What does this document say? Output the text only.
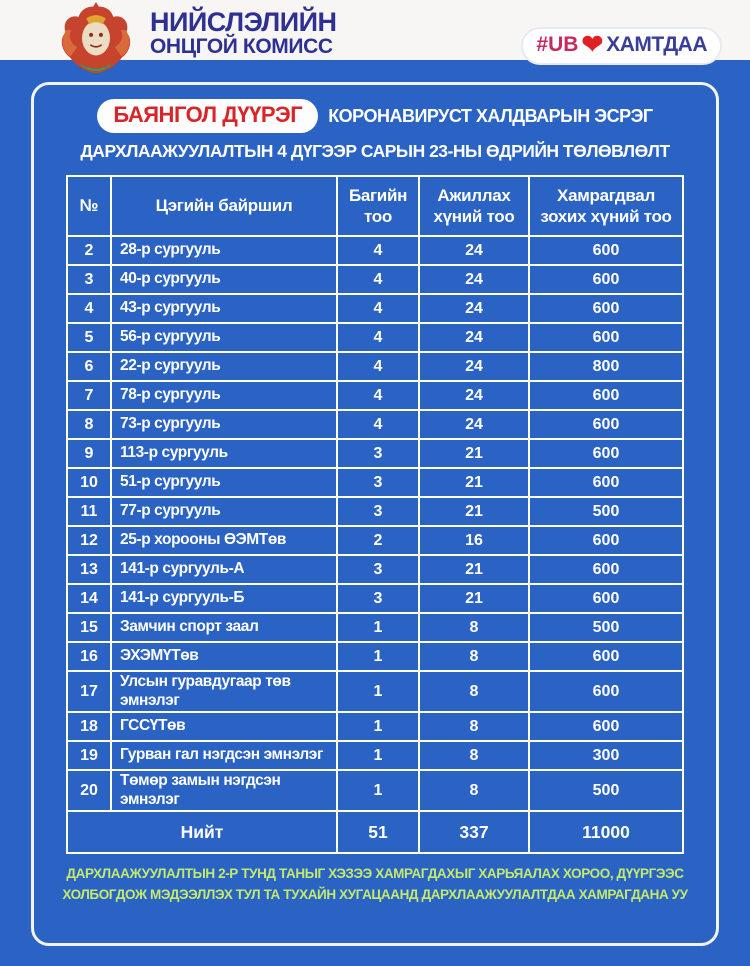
НИЙСЛЭЛИЙН
ОНЦГОЙ КОМИСС	#UB ❤ ХАМТДАА
БАЯНГОЛ ДҮҮРЭГ	КОРОНАВИРУСТ ХАЛДВАРЫН ЭСРЭГ
ДАРХЛААЖУУЛАЛТЫН 4 ДҮГЭЭР САРЫН 23-НЫ ӨДРИЙН ТӨЛӨВЛӨЛТ
№	Цэгийн байршил	Багийн тоо	Ажиллах хүний тоо	Хамрагдвал зохих хүний тоо
2	28-р сургууль	4	24	600
3	40-р сургууль	4	24	600
4	43-р сургууль	4	24	600
5	56-р сургууль	4	24	600
6	22-р сургууль	4	24	800
7	78-р сургууль	4	24	600
8	73-р сургууль	4	24	600
9	113-р сургууль	3	21	600
10	51-р сургууль	3	21	600
11	77-р сургууль	3	21	500
12	25-р хорооны ӨЭМТөв	2	16	600
13	141-р сургууль-А	3	21	600
14	141-р сургууль-Б	3	21	600
15	Замчин спорт заал	1	8	500
16	ЭХЭМҮТөв	1	8	600
17	Улсын гуравдугаар төв эмнэлэг	1	8	600
18	ГССҮТөв	1	8	600
19	Гурван гал нэгдсэн эмнэлэг	1	8	300
20	Төмөр замын нэгдсэн эмнэлэг	1	8	500
Нийт		51	337	11000
ДАРХЛААЖУУЛАЛТЫН 2-Р ТУНД ТАНЫГ ХЭЗЭЭ ХАМРАГДАХЫГ ХАРЬЯАЛАХ ХОРОО, ДҮҮРГЭЭС
ХОЛБОГДОЖ МЭДЭЭЛЛЭХ ТУЛ ТА ТУХАЙН ХУГАЦААНД ДАРХЛААЖУУЛАЛТДАА ХАМРАГДАНА УУ
